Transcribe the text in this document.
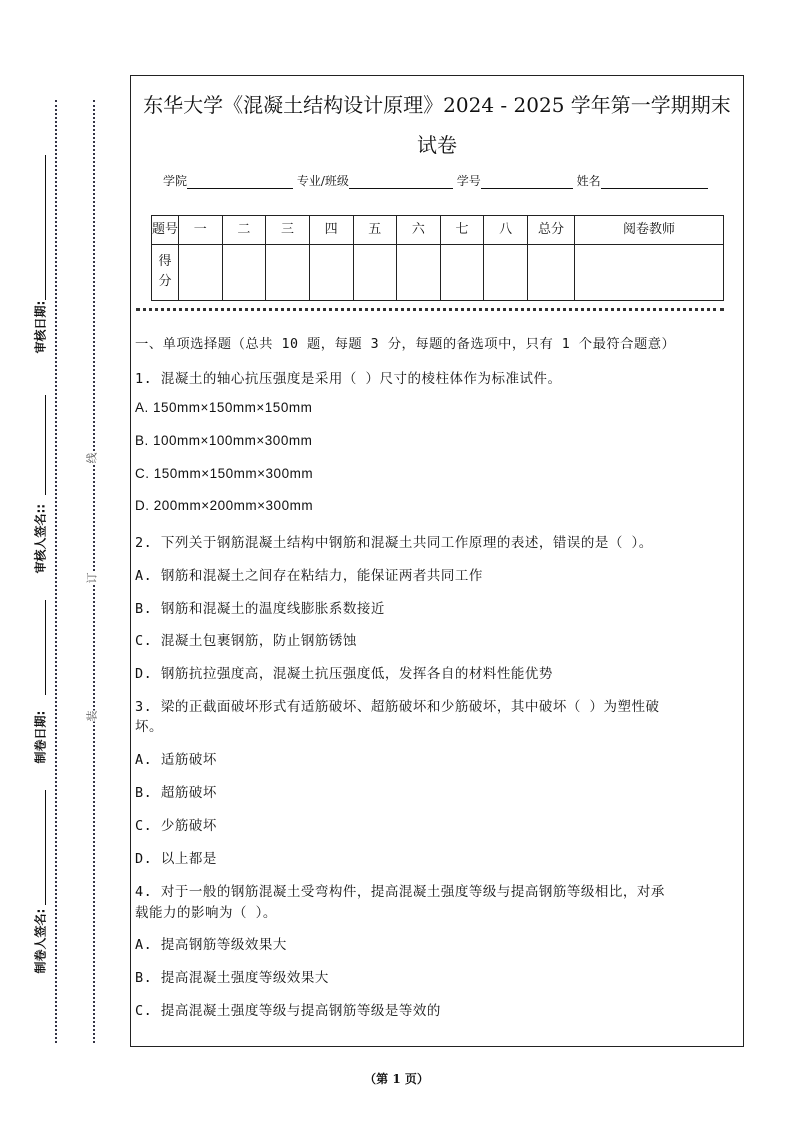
审核日期:
审核人签名::
制卷日期:
制卷人签名:
线
订
装
东华大学《混凝土结构设计原理》2024 - 2025 学年第一学期期末
试卷
学院	专业/班级	学号	姓名
题号	一	二	三	四	五	六	七	八	总分	阅卷教师
得分										
一、单项选择题（总共 10 题，每题 3 分，每题的备选项中，只有 1 个最符合题意）
1. 混凝土的轴心抗压强度是采用（ ）尺寸的棱柱体作为标准试件。
A. 150mm×150mm×150mm
B. 100mm×100mm×300mm
C. 150mm×150mm×300mm
D. 200mm×200mm×300mm
2. 下列关于钢筋混凝土结构中钢筋和混凝土共同工作原理的表述，错误的是（ ）。
A. 钢筋和混凝土之间存在粘结力，能保证两者共同工作
B. 钢筋和混凝土的温度线膨胀系数接近
C. 混凝土包裹钢筋，防止钢筋锈蚀
D. 钢筋抗拉强度高，混凝土抗压强度低，发挥各自的材料性能优势
3. 梁的正截面破坏形式有适筋破坏、超筋破坏和少筋破坏，其中破坏（ ）为塑性破
坏。
A. 适筋破坏
B. 超筋破坏
C. 少筋破坏
D. 以上都是
4. 对于一般的钢筋混凝土受弯构件，提高混凝土强度等级与提高钢筋等级相比，对承
载能力的影响为（ ）。
A. 提高钢筋等级效果大
B. 提高混凝土强度等级效果大
C. 提高混凝土强度等级与提高钢筋等级是等效的
（第 1 页）
